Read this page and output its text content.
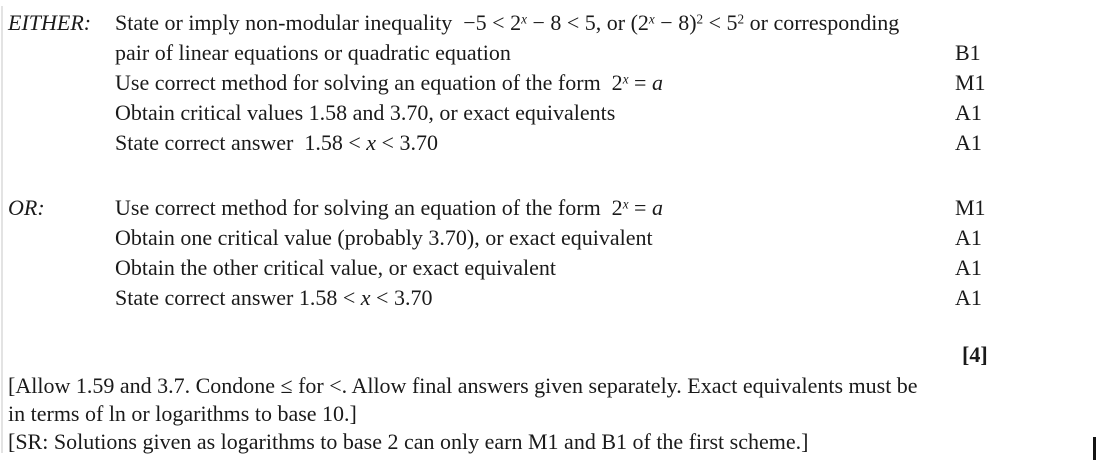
EITHER:	State or imply non-modular inequality  $-5 < 2^x - 8 < 5$, or $(2^x - 8)^2 < 5^2$ or corresponding
pair of linear equations or quadratic equation	B1
Use correct method for solving an equation of the form  $2^x = a$	M1
Obtain critical values 1.58 and 3.70, or exact equivalents	A1
State correct answer  1.58 < x < 3.70	A1
OR:	Use correct method for solving an equation of the form  $2^x = a$	M1
Obtain one critical value (probably 3.70), or exact equivalent	A1
Obtain the other critical value, or exact equivalent	A1
State correct answer 1.58 < x < 3.70	A1
[4]
[Allow 1.59 and 3.7. Condone ≤ for <. Allow final answers given separately. Exact equivalents must be
in terms of ln or logarithms to base 10.]
[SR: Solutions given as logarithms to base 2 can only earn M1 and B1 of the first scheme.]
